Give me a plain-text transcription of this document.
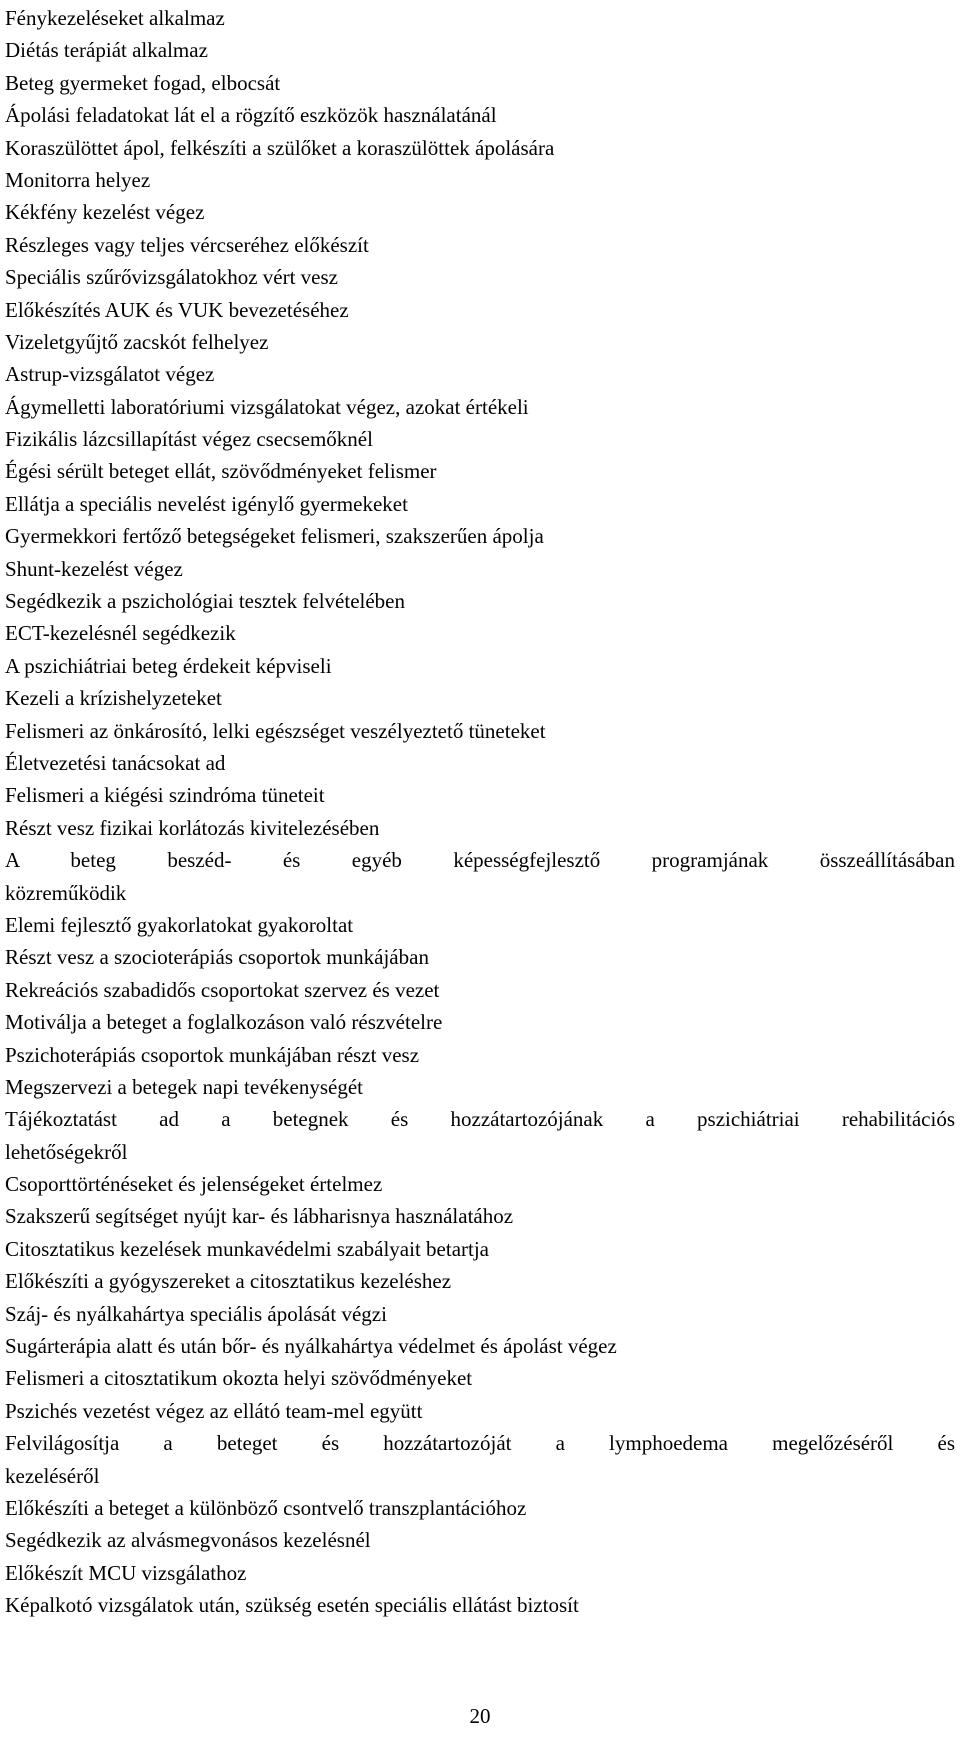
Fénykezeléseket alkalmaz
Diétás terápiát alkalmaz
Beteg gyermeket fogad, elbocsát
Ápolási feladatokat lát el a rögzítő eszközök használatánál
Koraszülöttet ápol, felkészíti a szülőket a koraszülöttek ápolására
Monitorra helyez
Kékfény kezelést végez
Részleges vagy teljes vércseréhez előkészít
Speciális szűrővizsgálatokhoz vért vesz
Előkészítés AUK és VUK bevezetéséhez
Vizeletgyűjtő zacskót felhelyez
Astrup-vizsgálatot végez
Ágymelletti laboratóriumi vizsgálatokat végez, azokat értékeli
Fizikális lázcsillapítást végez csecsemőknél
Égési sérült beteget ellát, szövődményeket felismer
Ellátja a speciális nevelést igénylő gyermekeket
Gyermekkori fertőző betegségeket felismeri, szakszerűen ápolja
Shunt-kezelést végez
Segédkezik a pszichológiai tesztek felvételében
ECT-kezelésnél segédkezik
A pszichiátriai beteg érdekeit képviseli
Kezeli a krízishelyzeteket
Felismeri az önkárosító, lelki egészséget veszélyeztető tüneteket
Életvezetési tanácsokat ad
Felismeri a kiégési szindróma tüneteit
Részt vesz fizikai korlátozás kivitelezésében
A beteg beszéd- és egyéb képességfejlesztő programjának összeállításában
közreműködik
Elemi fejlesztő gyakorlatokat gyakoroltat
Részt vesz a szocioterápiás csoportok munkájában
Rekreációs szabadidős csoportokat szervez és vezet
Motiválja a beteget a foglalkozáson való részvételre
Pszichoterápiás csoportok munkájában részt vesz
Megszervezi a betegek napi tevékenységét
Tájékoztatást ad a betegnek és hozzátartozójának a pszichiátriai rehabilitációs
lehetőségekről
Csoporttörténéseket és jelenségeket értelmez
Szakszerű segítséget nyújt kar- és lábharisnya használatához
Citosztatikus kezelések munkavédelmi szabályait betartja
Előkészíti a gyógyszereket a citosztatikus kezeléshez
Száj- és nyálkahártya speciális ápolását végzi
Sugárterápia alatt és után bőr- és nyálkahártya védelmet és ápolást végez
Felismeri a citosztatikum okozta helyi szövődményeket
Pszichés vezetést végez az ellátó team-mel együtt
Felvilágosítja a beteget és hozzátartozóját a lymphoedema megelőzéséről és
kezeléséről
Előkészíti a beteget a különböző csontvelő transzplantációhoz
Segédkezik az alvásmegvonásos kezelésnél
Előkészít MCU vizsgálathoz
Képalkotó vizsgálatok után, szükség esetén speciális ellátást biztosít
20
